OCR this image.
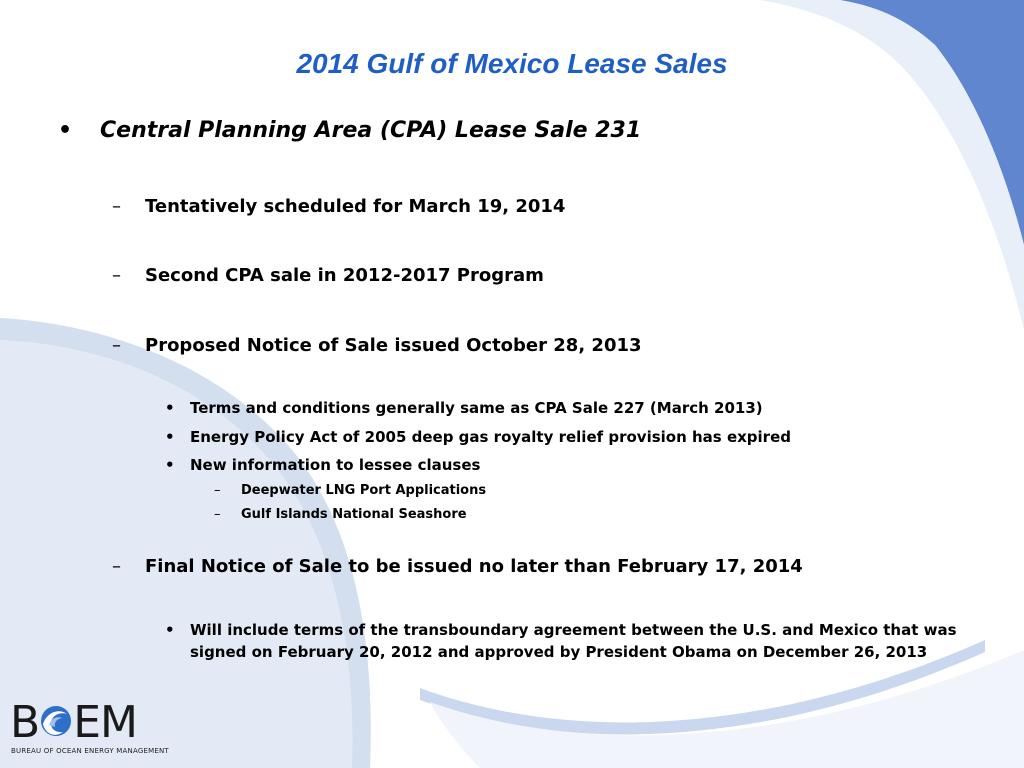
2014 Gulf of Mexico Lease Sales
•	Central Planning Area (CPA) Lease Sale 231
–	Tentatively scheduled for March 19, 2014
–	Second CPA sale in 2012-2017 Program
–	Proposed Notice of Sale issued October 28, 2013
•	Terms and conditions generally same as CPA Sale 227 (March 2013)
•	Energy Policy Act of 2005 deep gas royalty relief provision has expired
•	New information to lessee clauses
–	Deepwater LNG Port Applications
–	Gulf Islands National Seashore
–	Final Notice of Sale to be issued no later than February 17, 2014
•	Will include terms of the transboundary agreement between the U.S. and Mexico that was signed on February 20, 2012 and approved by President Obama on December 26, 2013
B EM
BUREAU OF OCEAN ENERGY MANAGEMENT
